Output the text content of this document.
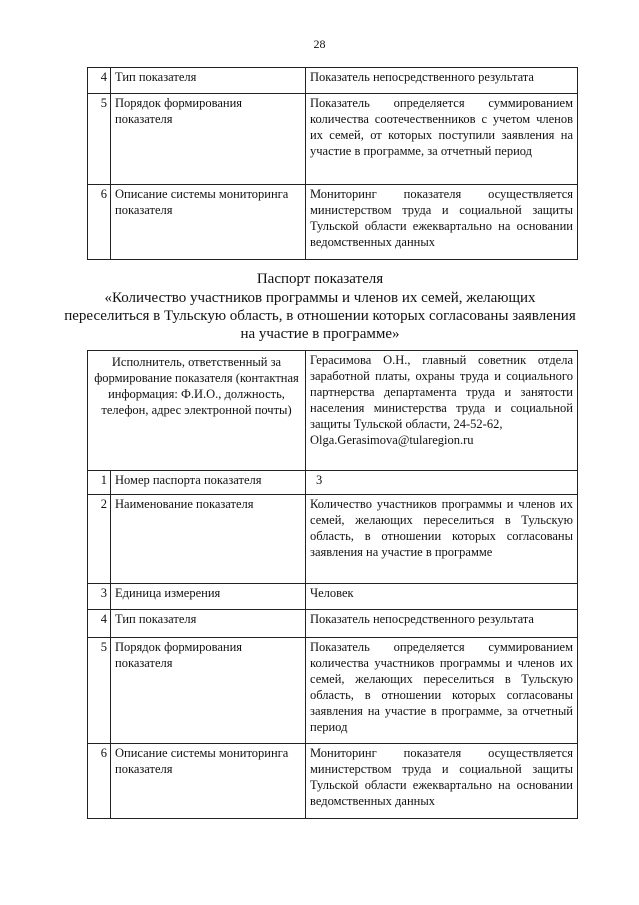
28
4	Тип показателя	Показатель непосредственного результата
5	Порядок формирования показателя	Показатель определяется суммированием количества соотечественников с учетом членов их семей, от которых поступили заявления на участие в программе, за отчетный период
6	Описание системы мониторинга показателя	Мониторинг показателя осуществляется министерством труда и социальной защиты Тульской области ежеквартально на основании ведомственных данных
Паспорт показателя
«Количество участников программы и членов их семей, желающих переселиться в Тульскую область, в отношении которых согласованы заявления на участие в программе»
Исполнитель, ответственный за формирование показателя (контактная информация: Ф.И.О., должность, телефон, адрес электронной почты)		Герасимова О.Н., главный советник отдела заработной платы, охраны труда и социального партнерства департамента труда и занятости населения министерства труда и социальной защиты Тульской области, 24-52-62,
Olga.Gerasimova@tularegion.ru
1	Номер паспорта показателя	3
2	Наименование показателя	Количество участников программы и членов их семей, желающих переселиться в Тульскую область, в отношении которых согласованы заявления на участие в программе
3	Единица измерения	Человек
4	Тип показателя	Показатель непосредственного результата
5	Порядок формирования показателя	Показатель определяется суммированием количества участников программы и членов их семей, желающих переселиться в Тульскую область, в отношении которых согласованы заявления на участие в программе, за отчетный период
6	Описание системы мониторинга показателя	Мониторинг показателя осуществляется министерством труда и социальной защиты Тульской области ежеквартально на основании ведомственных данных
